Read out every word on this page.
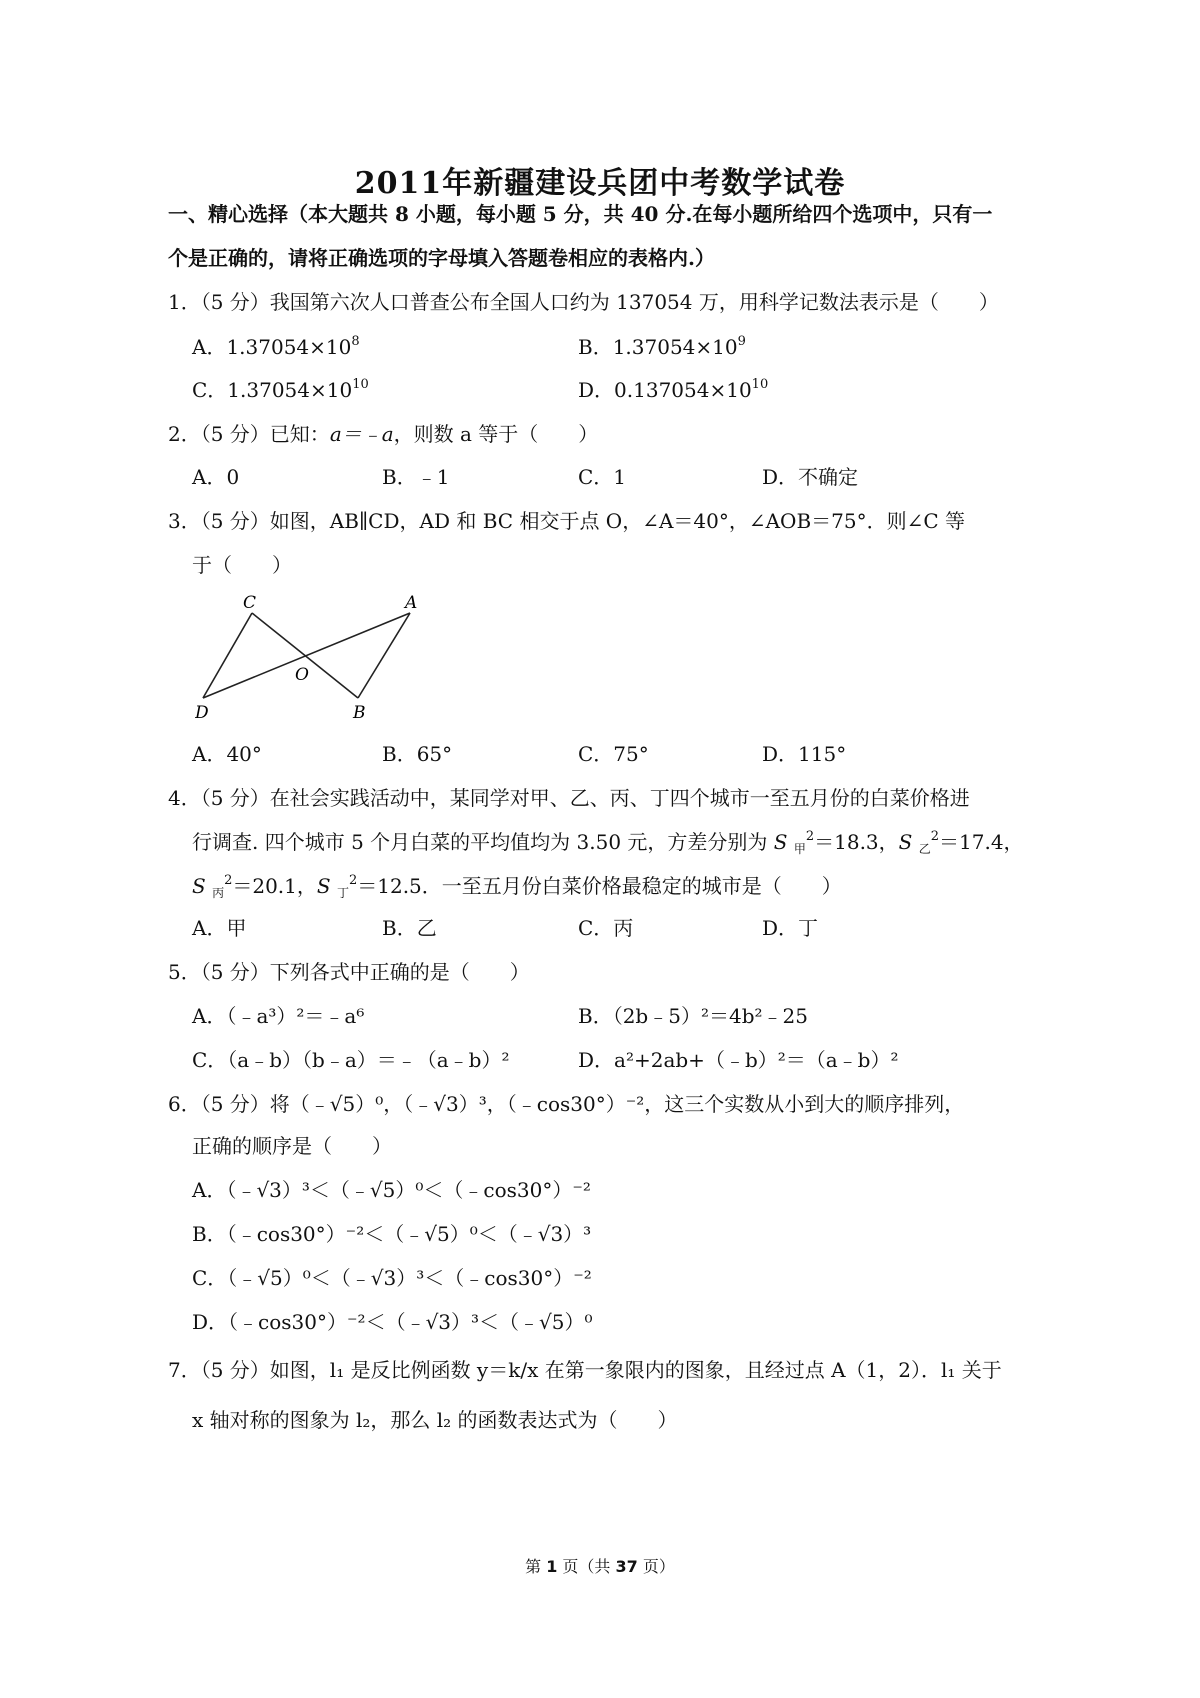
2011年新疆建设兵团中考数学试卷
一、精心选择（本大题共 8 小题，每小题 5 分，共 40 分.在每小题所给四个选项中，只有一
个是正确的，请将正确选项的字母填入答题卷相应的表格内.）
1．（5 分）我国第六次人口普查公布全国人口约为 137054 万，用科学记数法表示是（　　）
A．$1.37054\times 10^8$	B．$1.37054\times 10^9$
C．$1.37054\times 10^{10}$	D．$0.137054\times 10^{10}$
2．（5 分）已知：a＝﹣a，则数 a 等于（　　）
A．0	B．﹣1	C．1	D．不确定
3．（5 分）如图，AB∥CD，AD 和 BC 相交于点 O，∠A＝40°，∠AOB＝75°．则∠C 等
于（　　）
C	A
O
D	B
A．40°	B．65°	C．75°	D．115°
4．（5 分）在社会实践活动中，某同学对甲、乙、丙、丁四个城市一至五月份的白菜价格进
行调查. 四个城市 5 个月白菜的平均值均为 3.50 元，方差分别为 S $_甲^2$＝18.3，S $_乙^2$＝17.4，
S $_丙^2$＝20.1，S $_丁^2$＝12.5．一至五月份白菜价格最稳定的城市是（　　）
A．甲	B．乙	C．丙	D．丁
5．（5 分）下列各式中正确的是（　　）
A．（﹣a³）²＝﹣a⁶	B．（2b﹣5）²＝4b²﹣25
C．（a﹣b）（b﹣a）＝﹣（a﹣b）²	D．a²+2ab+（﹣b）²＝（a﹣b）²
6．（5 分）将（﹣√5）⁰，（﹣√3）³，（﹣cos30°）⁻²，这三个实数从小到大的顺序排列，
正确的顺序是（　　）
A．（﹣√3）³＜（﹣√5）⁰＜（﹣cos30°）⁻²
B．（﹣cos30°）⁻²＜（﹣√5）⁰＜（﹣√3）³
C．（﹣√5）⁰＜（﹣√3）³＜（﹣cos30°）⁻²
D．（﹣cos30°）⁻²＜（﹣√3）³＜（﹣√5）⁰
7．（5 分）如图，l₁ 是反比例函数 y＝k/x 在第一象限内的图象，且经过点 A（1，2）．l₁ 关于
x 轴对称的图象为 l₂，那么 l₂ 的函数表达式为（　　）
第 1 页（共 37 页）
